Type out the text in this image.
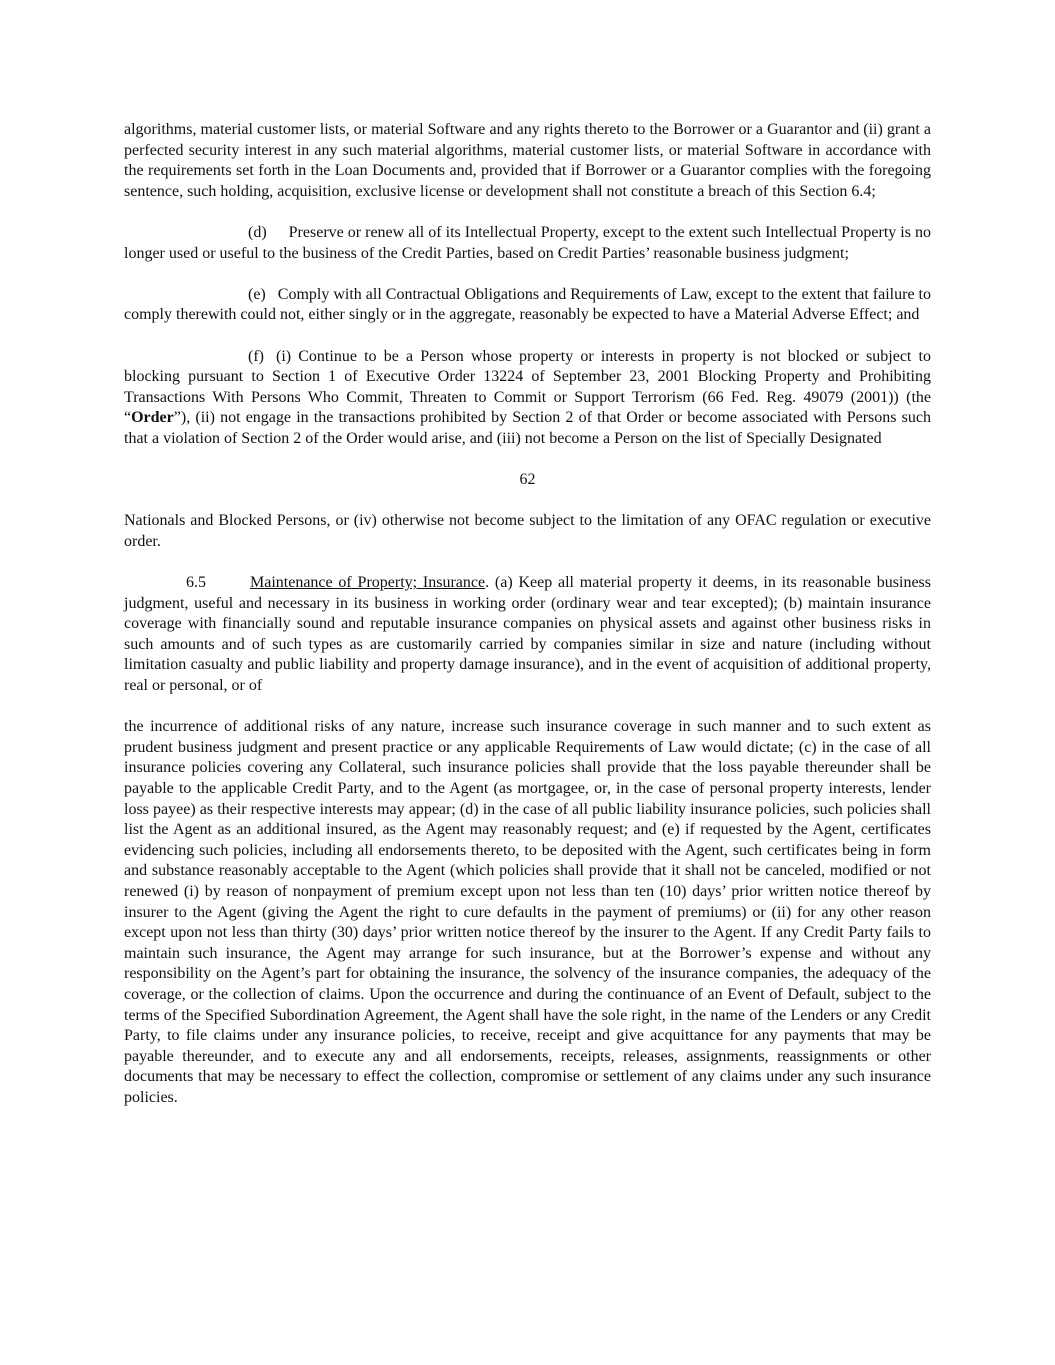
algorithms, material customer lists, or material Software and any rights thereto to the Borrower or a Guarantor and (ii) grant a perfected security interest in any such material algorithms, material customer lists, or material Software in accordance with the requirements set forth in the Loan Documents and, provided that if Borrower or a Guarantor complies with the foregoing sentence, such holding, acquisition, exclusive license or development shall not constitute a breach of this Section 6.4;

(d) Preserve or renew all of its Intellectual Property, except to the extent such Intellectual Property is no longer used or useful to the business of the Credit Parties, based on Credit Parties’ reasonable business judgment;

(e) Comply with all Contractual Obligations and Requirements of Law, except to the extent that failure to comply therewith could not, either singly or in the aggregate, reasonably be expected to have a Material Adverse Effect; and

(f) (i) Continue to be a Person whose property or interests in property is not blocked or subject to blocking pursuant to Section 1 of Executive Order 13224 of September 23, 2001 Blocking Property and Prohibiting Transactions With Persons Who Commit, Threaten to Commit or Support Terrorism (66 Fed. Reg. 49079 (2001)) (the “Order”), (ii) not engage in the transactions prohibited by Section 2 of that Order or become associated with Persons such that a violation of Section 2 of the Order would arise, and (iii) not become a Person on the list of Specially Designated

62

Nationals and Blocked Persons, or (iv) otherwise not become subject to the limitation of any OFAC regulation or executive order.

6.5	Maintenance of Property; Insurance. (a) Keep all material property it deems, in its reasonable business judgment, useful and necessary in its business in working order (ordinary wear and tear excepted); (b) maintain insurance coverage with financially sound and reputable insurance companies on physical assets and against other business risks in such amounts and of such types as are customarily carried by companies similar in size and nature (including without limitation casualty and public liability and property damage insurance), and in the event of acquisition of additional property, real or personal, or of

the incurrence of additional risks of any nature, increase such insurance coverage in such manner and to such extent as prudent business judgment and present practice or any applicable Requirements of Law would dictate; (c) in the case of all insurance policies covering any Collateral, such insurance policies shall provide that the loss payable thereunder shall be payable to the applicable Credit Party, and to the Agent (as mortgagee, or, in the case of personal property interests, lender loss payee) as their respective interests may appear; (d) in the case of all public liability insurance policies, such policies shall list the Agent as an additional insured, as the Agent may reasonably request; and (e) if requested by the Agent, certificates evidencing such policies, including all endorsements thereto, to be deposited with the Agent, such certificates being in form and substance reasonably acceptable to the Agent (which policies shall provide that it shall not be canceled, modified or not renewed (i) by reason of nonpayment of premium except upon not less than ten (10) days’ prior written notice thereof by insurer to the Agent (giving the Agent the right to cure defaults in the payment of premiums) or (ii) for any other reason except upon not less than thirty (30) days’ prior written notice thereof by the insurer to the Agent. If any Credit Party fails to maintain such insurance, the Agent may arrange for such insurance, but at the Borrower’s expense and without any responsibility on the Agent’s part for obtaining the insurance, the solvency of the insurance companies, the adequacy of the coverage, or the collection of claims. Upon the occurrence and during the continuance of an Event of Default, subject to the terms of the Specified Subordination Agreement, the Agent shall have the sole right, in the name of the Lenders or any Credit Party, to file claims under any insurance policies, to receive, receipt and give acquittance for any payments that may be payable thereunder, and to execute any and all endorsements, receipts, releases, assignments, reassignments or other documents that may be necessary to effect the collection, compromise or settlement of any claims under any such insurance policies.
